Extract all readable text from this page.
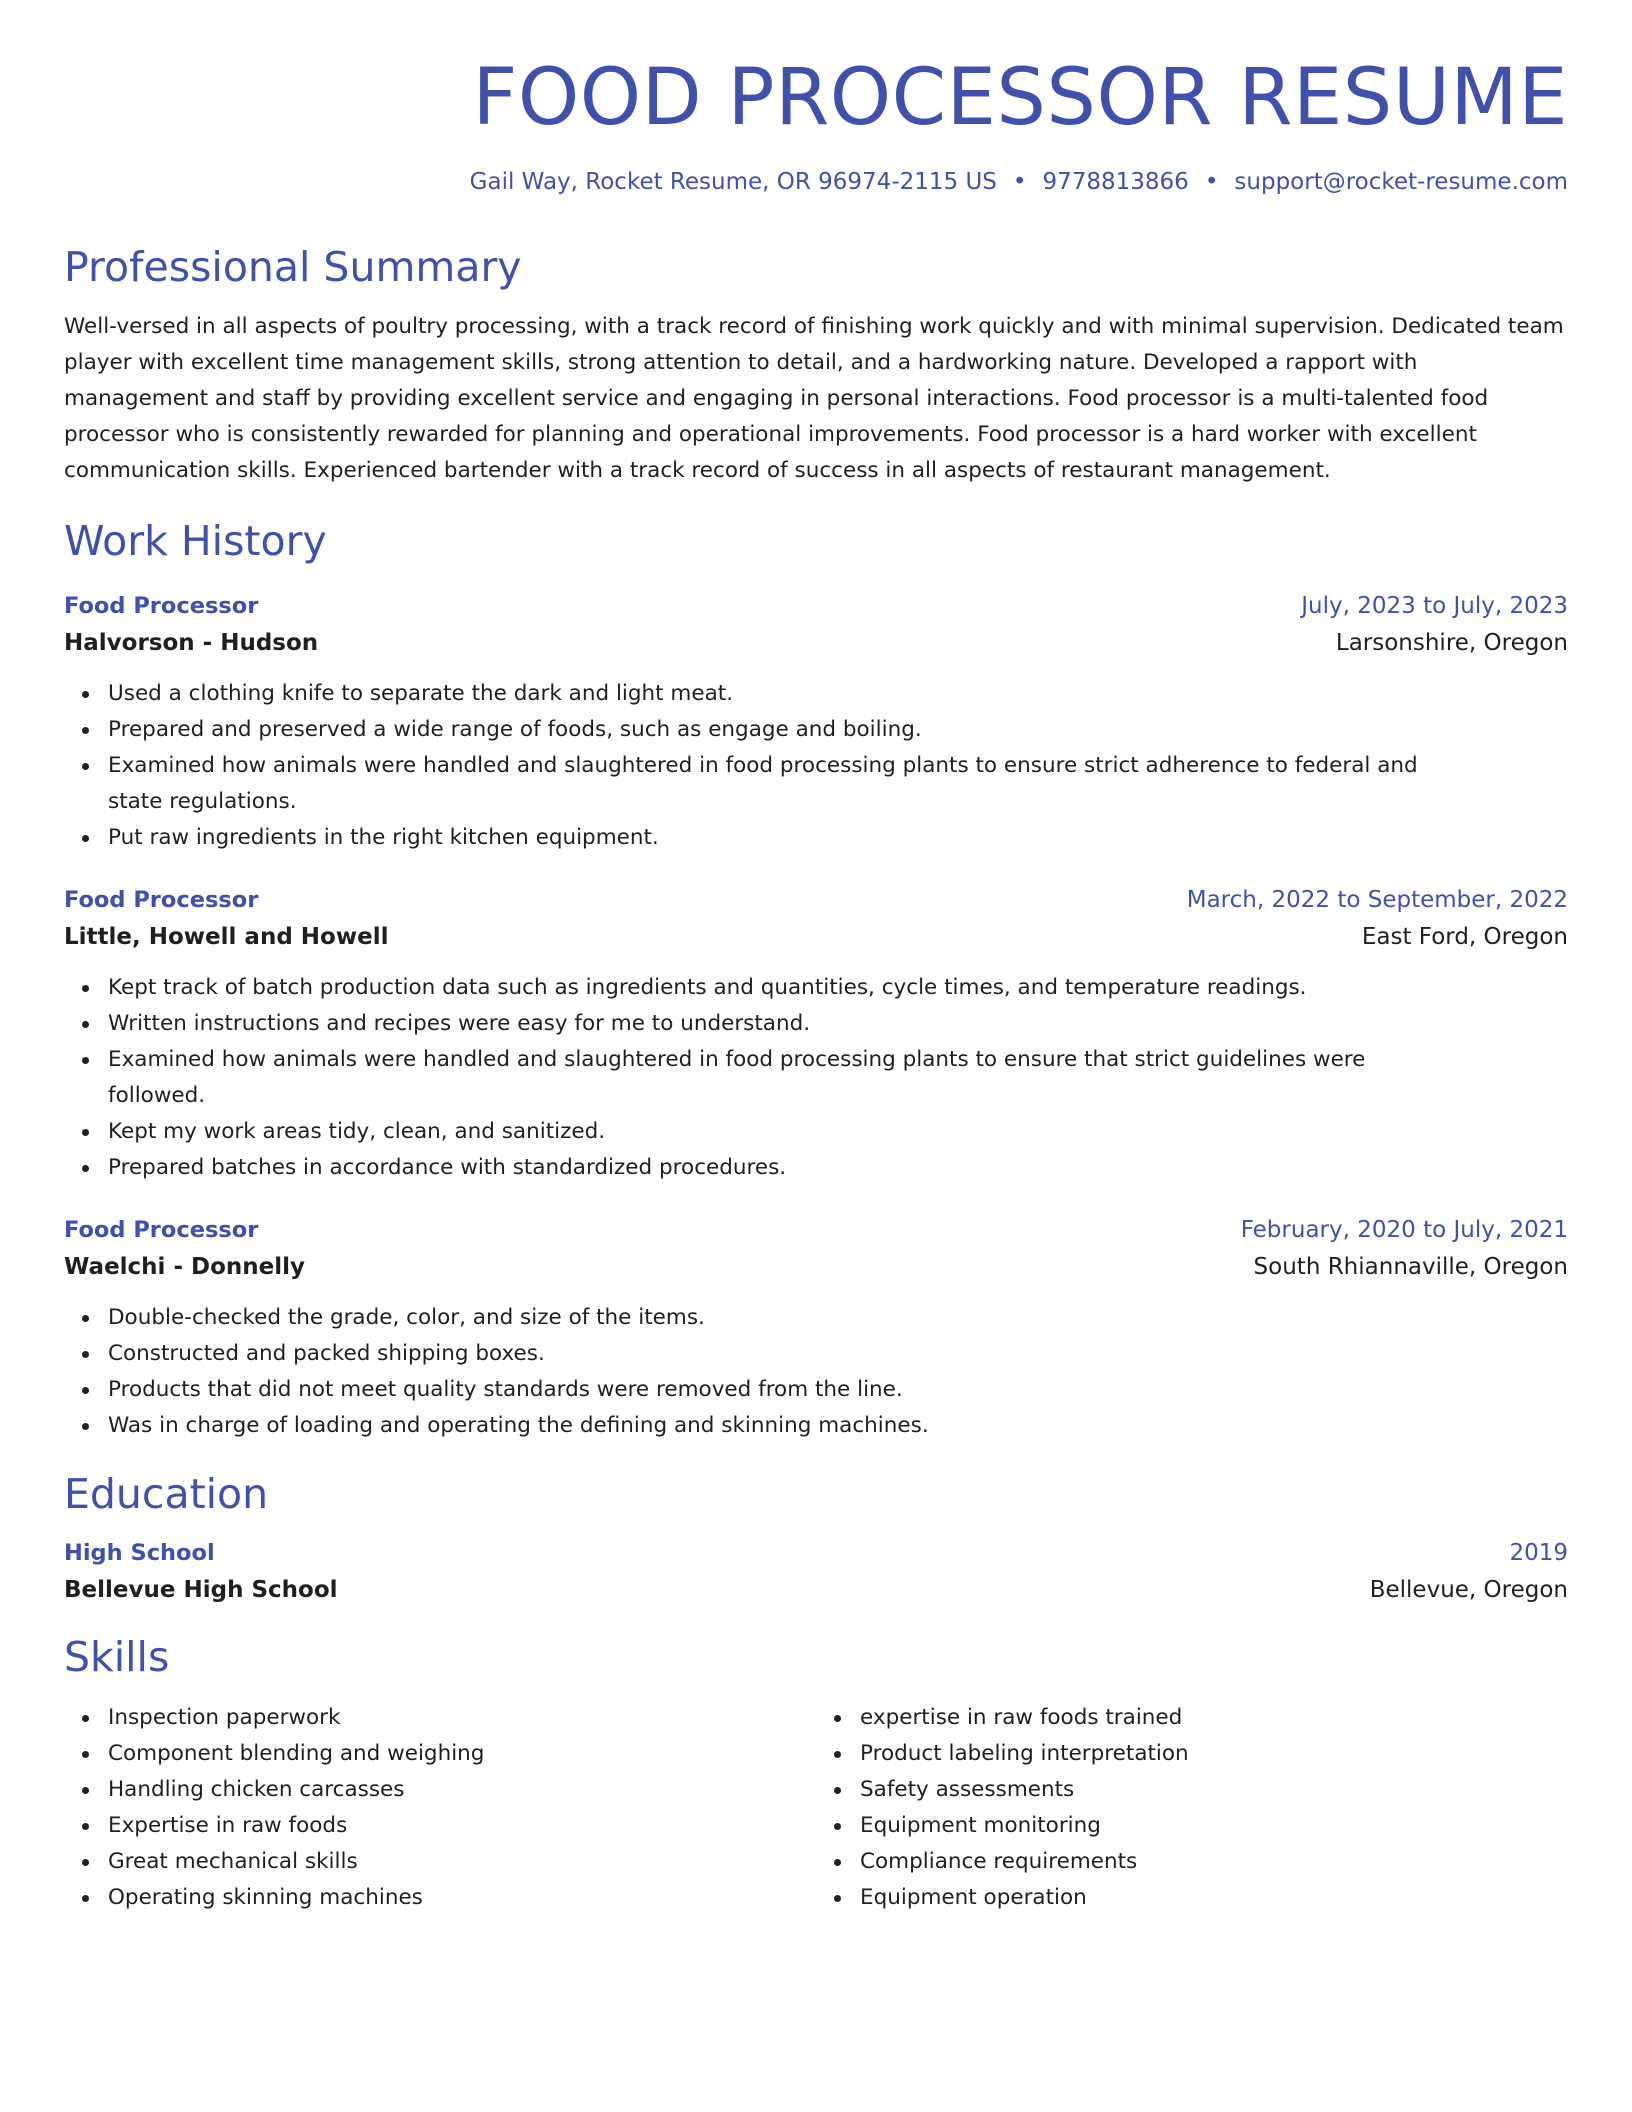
FOOD PROCESSOR RESUME
Gail Way, Rocket Resume, OR 96974-2115 US • 9778813866 • support@rocket-resume.com
Professional Summary
Well-versed in all aspects of poultry processing, with a track record of finishing work quickly and with minimal supervision. Dedicated team player with excellent time management skills, strong attention to detail, and a hardworking nature. Developed a rapport with management and staff by providing excellent service and engaging in personal interactions. Food processor is a multi-talented food processor who is consistently rewarded for planning and operational improvements. Food processor is a hard worker with excellent communication skills. Experienced bartender with a track record of success in all aspects of restaurant management.
Work History
Food Processor	July, 2023 to July, 2023
Halvorson - Hudson	Larsonshire, Oregon
Used a clothing knife to separate the dark and light meat.
Prepared and preserved a wide range of foods, such as engage and boiling.
Examined how animals were handled and slaughtered in food processing plants to ensure strict adherence to federal and state regulations.
Put raw ingredients in the right kitchen equipment.
Food Processor	March, 2022 to September, 2022
Little, Howell and Howell	East Ford, Oregon
Kept track of batch production data such as ingredients and quantities, cycle times, and temperature readings.
Written instructions and recipes were easy for me to understand.
Examined how animals were handled and slaughtered in food processing plants to ensure that strict guidelines were followed.
Kept my work areas tidy, clean, and sanitized.
Prepared batches in accordance with standardized procedures.
Food Processor	February, 2020 to July, 2021
Waelchi - Donnelly	South Rhiannaville, Oregon
Double-checked the grade, color, and size of the items.
Constructed and packed shipping boxes.
Products that did not meet quality standards were removed from the line.
Was in charge of loading and operating the defining and skinning machines.
Education
High School	2019
Bellevue High School	Bellevue, Oregon
Skills
Inspection paperwork
Component blending and weighing
Handling chicken carcasses
Expertise in raw foods
Great mechanical skills
Operating skinning machines
expertise in raw foods trained
Product labeling interpretation
Safety assessments
Equipment monitoring
Compliance requirements
Equipment operation
